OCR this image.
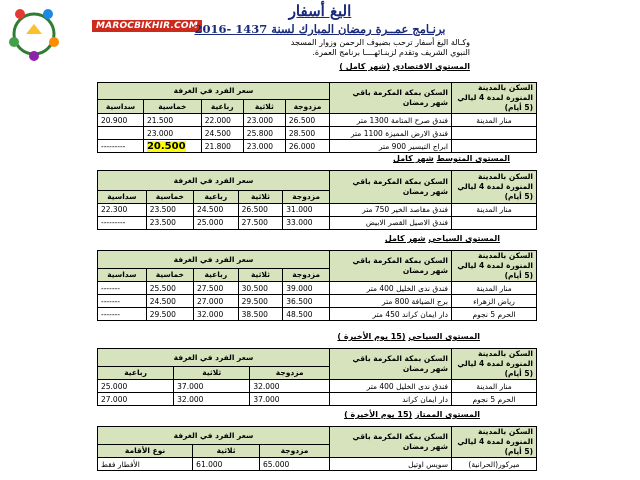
MAROCBIKHIR.COM
اليغ أسفار
برنـامج عمــرة رمضان المبارك لسنة 1437 -2016
وكـالة اليغ أسفار ترحب بضيوف الرحمن وزوار المسجد
النبوي الشريف وتقدم لزبنـائهــــا برنامج العمرة.
المستوى الاقتصادي (شهر كامل )
سعر الفرد في الغرفة					السكن بمكة المكرمة باقي شهر رمضان	السكن بالمدينة المنورة لمدة 4 ليالي (5 أيام)
سداسية	خماسية	رباعية	ثلاثية	مزدوجة		
20.900	21.500	22.000	23.000	26.500	فندق صرح المتامة 1300 متر	منار المدينة
	23.000	24.500	25.800	28.500	فندق الارض المميزة 1100 متر	
---------	20.500	21.800	23.000	26.000	ابراج التيسير 900 متر	
المستوى المتوسط شهر كامل
سعر الفرد في الغرفة					السكن بمكة المكرمة باقي شهر رمضان	السكن بالمدينة المنورة لمدة 4 ليالي (5 أيام)
سداسية	خماسية	رباعية	ثلاثية	مزدوجة		
22.300	23.500	24.500	26.500	31.000	فندق مقاصد الخير 750 متر	منار المدينة
---------	23.500	25.000	27.500	33.000	فندق الاصيل القصر الابيض	
المستوى السياحي شهر كامل
سعر الفرد في الغرفة					السكن بمكة المكرمة باقي شهر رمضان	السكن بالمدينة المنورة لمدة 4 ليالي (5 أيام)
سداسية	خماسية	رباعية	ثلاثية	مزدوجة		
-------	25.500	27.500	30.500	39.000	فندق ندى الخليل 400 متر	منار المدينة
-------	24.500	27.000	29.500	36.500	برج الضيافة 800 متر	رياض الزهراء
-------	29.500	32.000	38.500	48.500	دار ايمان كراند 450 متر	الحرم 5 نجوم
المستوى السياحي (15 يوم الأخيرة )
سعر الفرد في الغرفة			السكن بمكة المكرمة باقي شهر رمضان	السكن بالمدينة المنورة لمدة 4 ليالي (5 أيام)
رباعية	ثلاثية	مزدوجة		
25.000	37.000	32.000	فندق ندى الخليل 400 متر	منار المدينة
27.000	32.000	37.000	دار ايمان كراند	الحرم 5 نجوم
المستوى الممتاز (15 يوم الأخيرة )
سعر الفرد في الغرفة			السكن بمكة المكرمة باقي شهر رمضان	السكن بالمدينة المنورة لمدة 4 ليالي (5 أيام)
نوع الأقامة	ثلاثية	مزدوجة		
الأفطار فقط	61.000	65.000	سويس اوتيل	ميركور(الحرانية)
